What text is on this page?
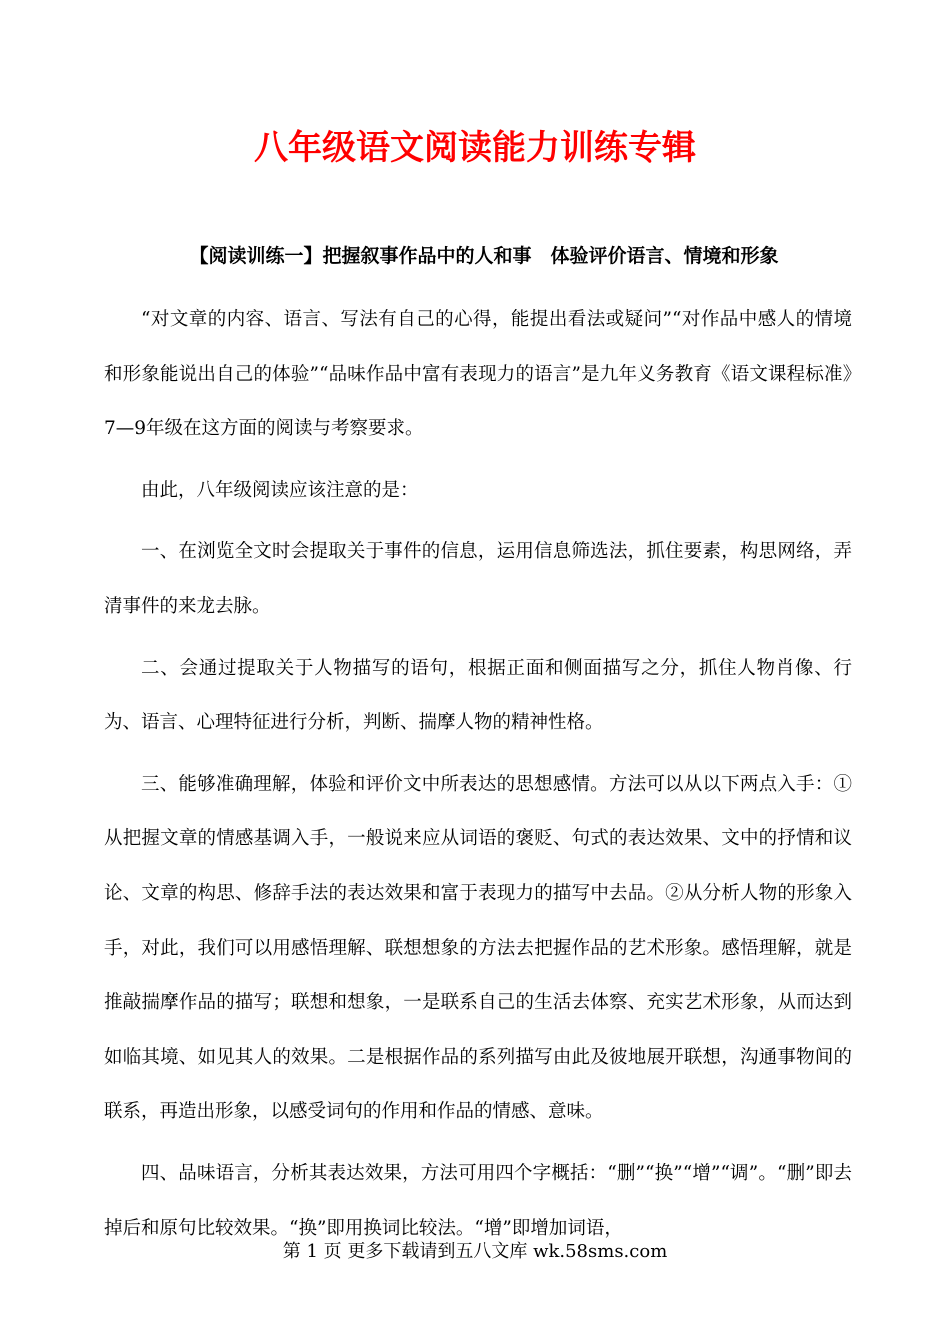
八年级语文阅读能力训练专辑
【阅读训练一】把握叙事作品中的人和事　体验评价语言、情境和形象

“对文章的内容、语言、写法有自己的心得，能提出看法或疑问”“对作品中感人的情境和形象能说出自己的体验”“品味作品中富有表现力的语言”是九年义务教育《语文课程标准》7—9年级在这方面的阅读与考察要求。

由此，八年级阅读应该注意的是：

一、在浏览全文时会提取关于事件的信息，运用信息筛选法，抓住要素，构思网络，弄清事件的来龙去脉。

二、会通过提取关于人物描写的语句，根据正面和侧面描写之分，抓住人物肖像、行为、语言、心理特征进行分析，判断、揣摩人物的精神性格。

三、能够准确理解，体验和评价文中所表达的思想感情。方法可以从以下两点入手：①从把握文章的情感基调入手，一般说来应从词语的褒贬、句式的表达效果、文中的抒情和议论、文章的构思、修辞手法的表达效果和富于表现力的描写中去品。②从分析人物的形象入手，对此，我们可以用感悟理解、联想想象的方法去把握作品的艺术形象。感悟理解，就是推敲揣摩作品的描写；联想和想象，一是联系自己的生活去体察、充实艺术形象，从而达到如临其境、如见其人的效果。二是根据作品的系列描写由此及彼地展开联想，沟通事物间的联系，再造出形象，以感受词句的作用和作品的情感、意味。

四、品味语言，分析其表达效果，方法可用四个字概括：“删”“换”“增”“调”。“删”即去掉后和原句比较效果。“换”即用换词比较法。“增”即增加词语，

第 1 页 更多下载请到五八文库 wk.58sms.com
